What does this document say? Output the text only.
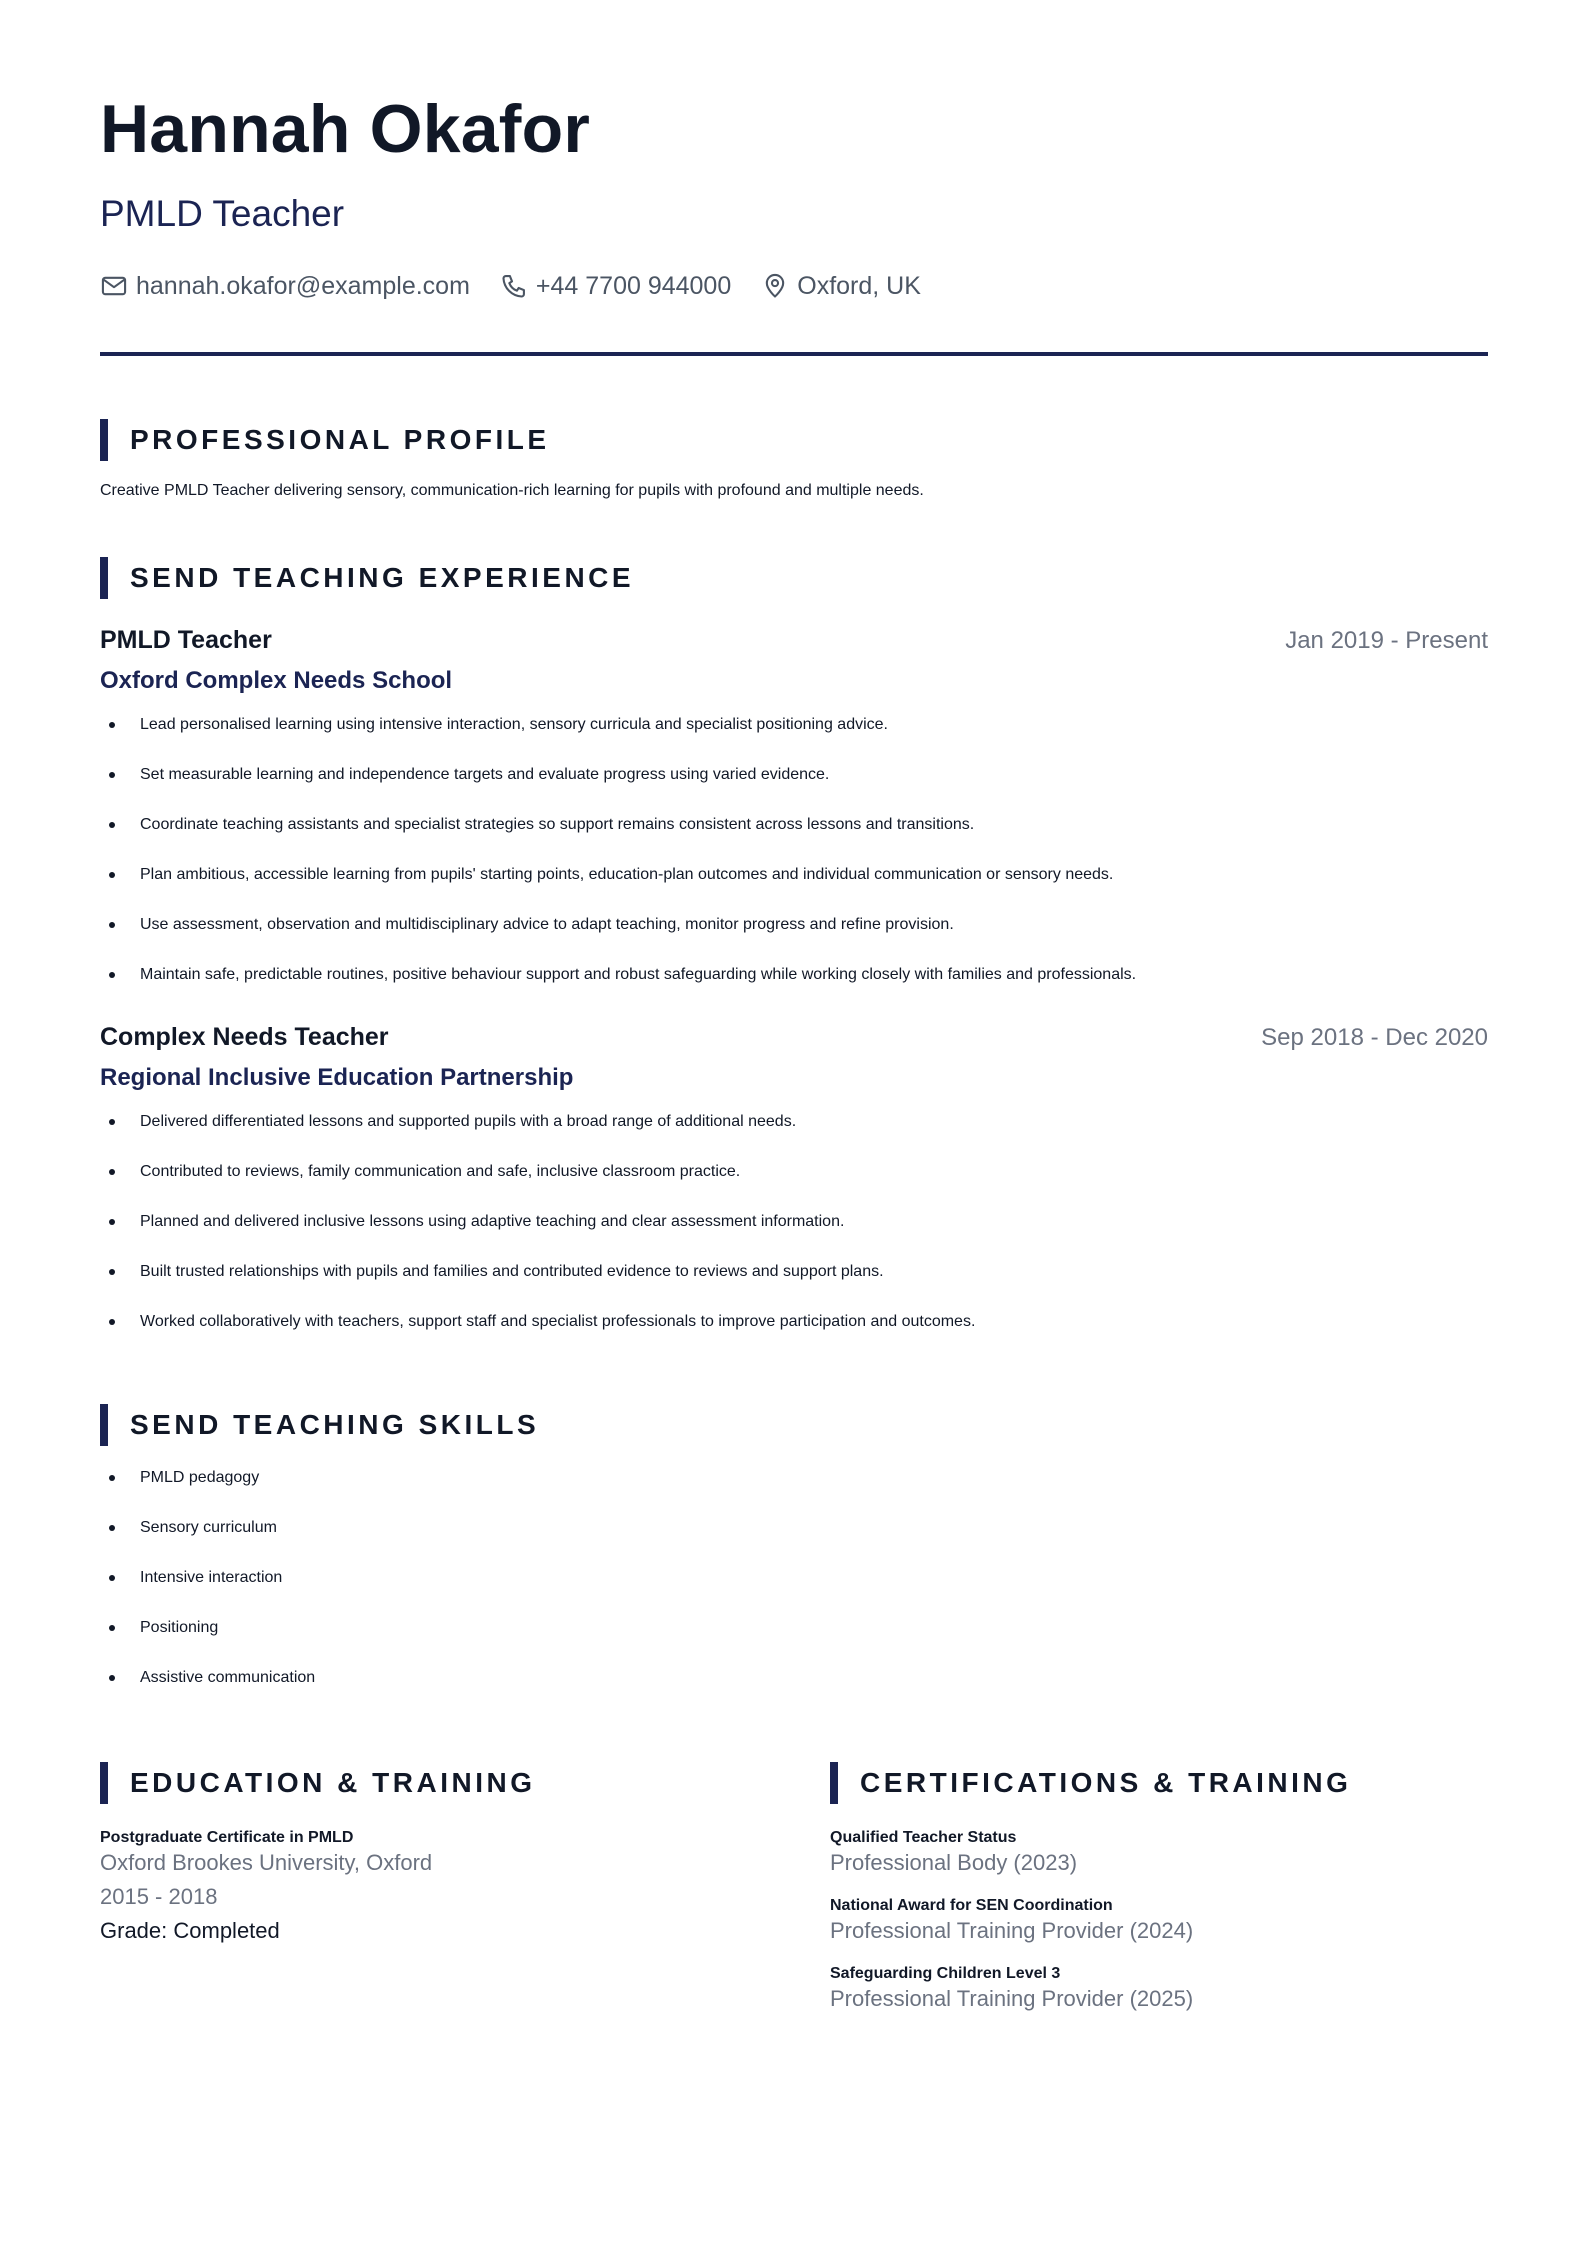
Hannah Okafor
PMLD Teacher
hannah.okafor@example.com	+44 7700 944000	Oxford, UK
PROFESSIONAL PROFILE
Creative PMLD Teacher delivering sensory, communication-rich learning for pupils with profound and multiple needs.
SEND TEACHING EXPERIENCE
PMLD Teacher	Jan 2019 - Present
Oxford Complex Needs School
Lead personalised learning using intensive interaction, sensory curricula and specialist positioning advice.
Set measurable learning and independence targets and evaluate progress using varied evidence.
Coordinate teaching assistants and specialist strategies so support remains consistent across lessons and transitions.
Plan ambitious, accessible learning from pupils' starting points, education-plan outcomes and individual communication or sensory needs.
Use assessment, observation and multidisciplinary advice to adapt teaching, monitor progress and refine provision.
Maintain safe, predictable routines, positive behaviour support and robust safeguarding while working closely with families and professionals.
Complex Needs Teacher	Sep 2018 - Dec 2020
Regional Inclusive Education Partnership
Delivered differentiated lessons and supported pupils with a broad range of additional needs.
Contributed to reviews, family communication and safe, inclusive classroom practice.
Planned and delivered inclusive lessons using adaptive teaching and clear assessment information.
Built trusted relationships with pupils and families and contributed evidence to reviews and support plans.
Worked collaboratively with teachers, support staff and specialist professionals to improve participation and outcomes.
SEND TEACHING SKILLS
PMLD pedagogy
Sensory curriculum
Intensive interaction
Positioning
Assistive communication
EDUCATION & TRAINING
Postgraduate Certificate in PMLD
Oxford Brookes University, Oxford
2015 - 2018
Grade: Completed
CERTIFICATIONS & TRAINING
Qualified Teacher Status
Professional Body (2023)
National Award for SEN Coordination
Professional Training Provider (2024)
Safeguarding Children Level 3
Professional Training Provider (2025)
